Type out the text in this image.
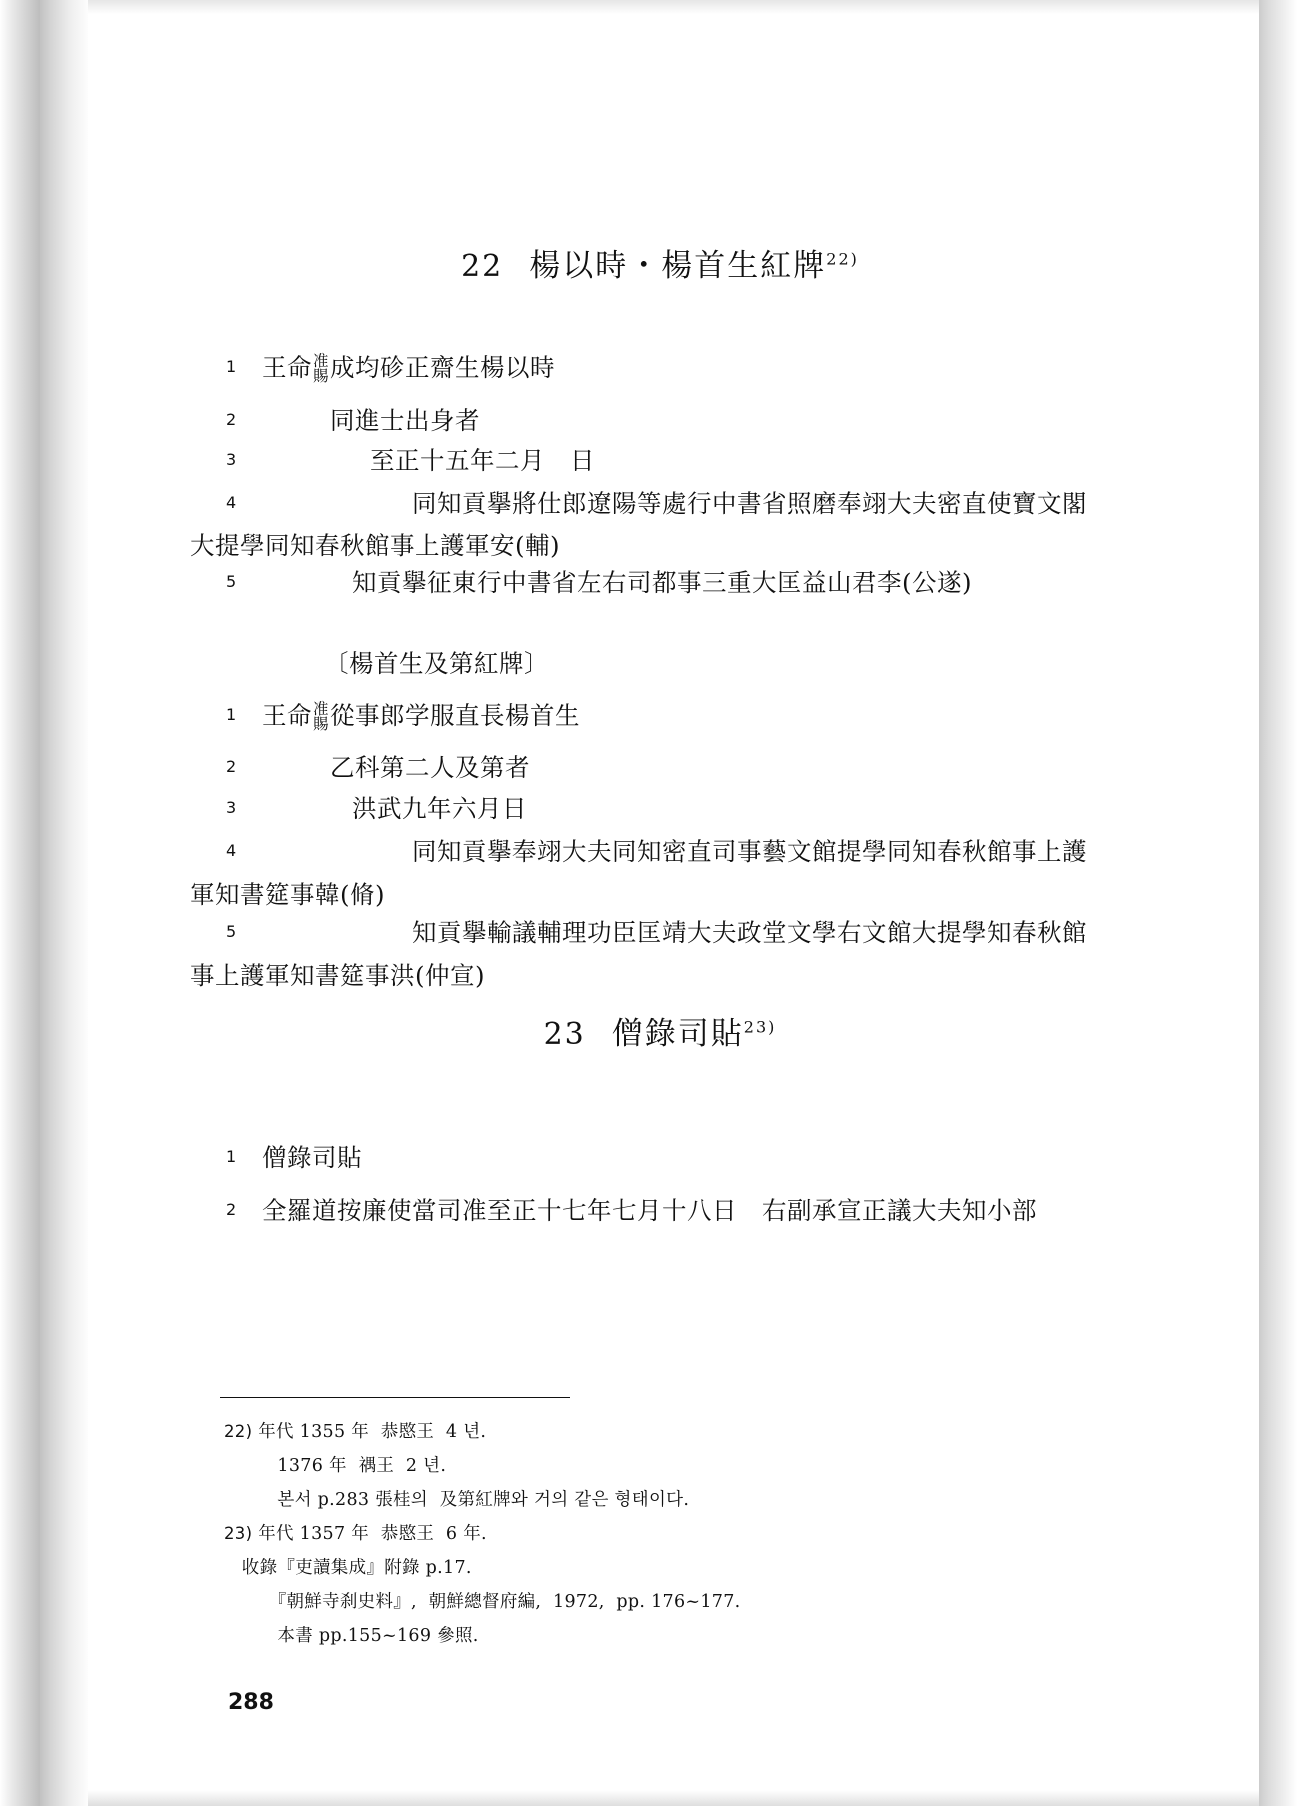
22 楊以時・楊首生紅牌$^{22)}$
1 王命 准
賜 成均䂦正齋生楊以時
2	同進士出身者
3	至正十五年二月　日
4	同知貢擧將仕郎遼陽等處行中書省照磨奉翊大夫密直使寶文閣
大提學同知春秋館事上護軍安(輔)
5	知貢擧征東行中書省左右司都事三重大匡益山君李(公遂)
〔楊首生及第紅牌〕
1 王命 准
賜 從事郎学服直長楊首生
2	乙科第二人及第者
3	洪武九年六月日
4	同知貢擧奉翊大夫同知密直司事藝文館提學同知春秋館事上護
軍知書筵事韓(脩)
5	知貢擧輸議輔理功臣匡靖大夫政堂文學右文館大提學知春秋館
事上護軍知書筵事洪(仲宣)
23 僧錄司貼$^{23)}$
1 僧錄司貼
2 全羅道按廉使當司准至正十七年七月十八日　右副承宣正議大夫知小部
22) 年代 1355 年  恭愍王  4 년.
　　　1376 年  禑王  2 년.
　　　본서 p.283 張桂의  及第紅牌와 거의 같은 형태이다.
23) 年代 1357 年  恭愍王  6 年.
　收錄『吏讀集成』附錄 p.17.
　　　『朝鮮寺刹史料』,  朝鮮總督府編,  1972,  pp. 176~177.
　　　本書 pp.155~169 參照.
288
